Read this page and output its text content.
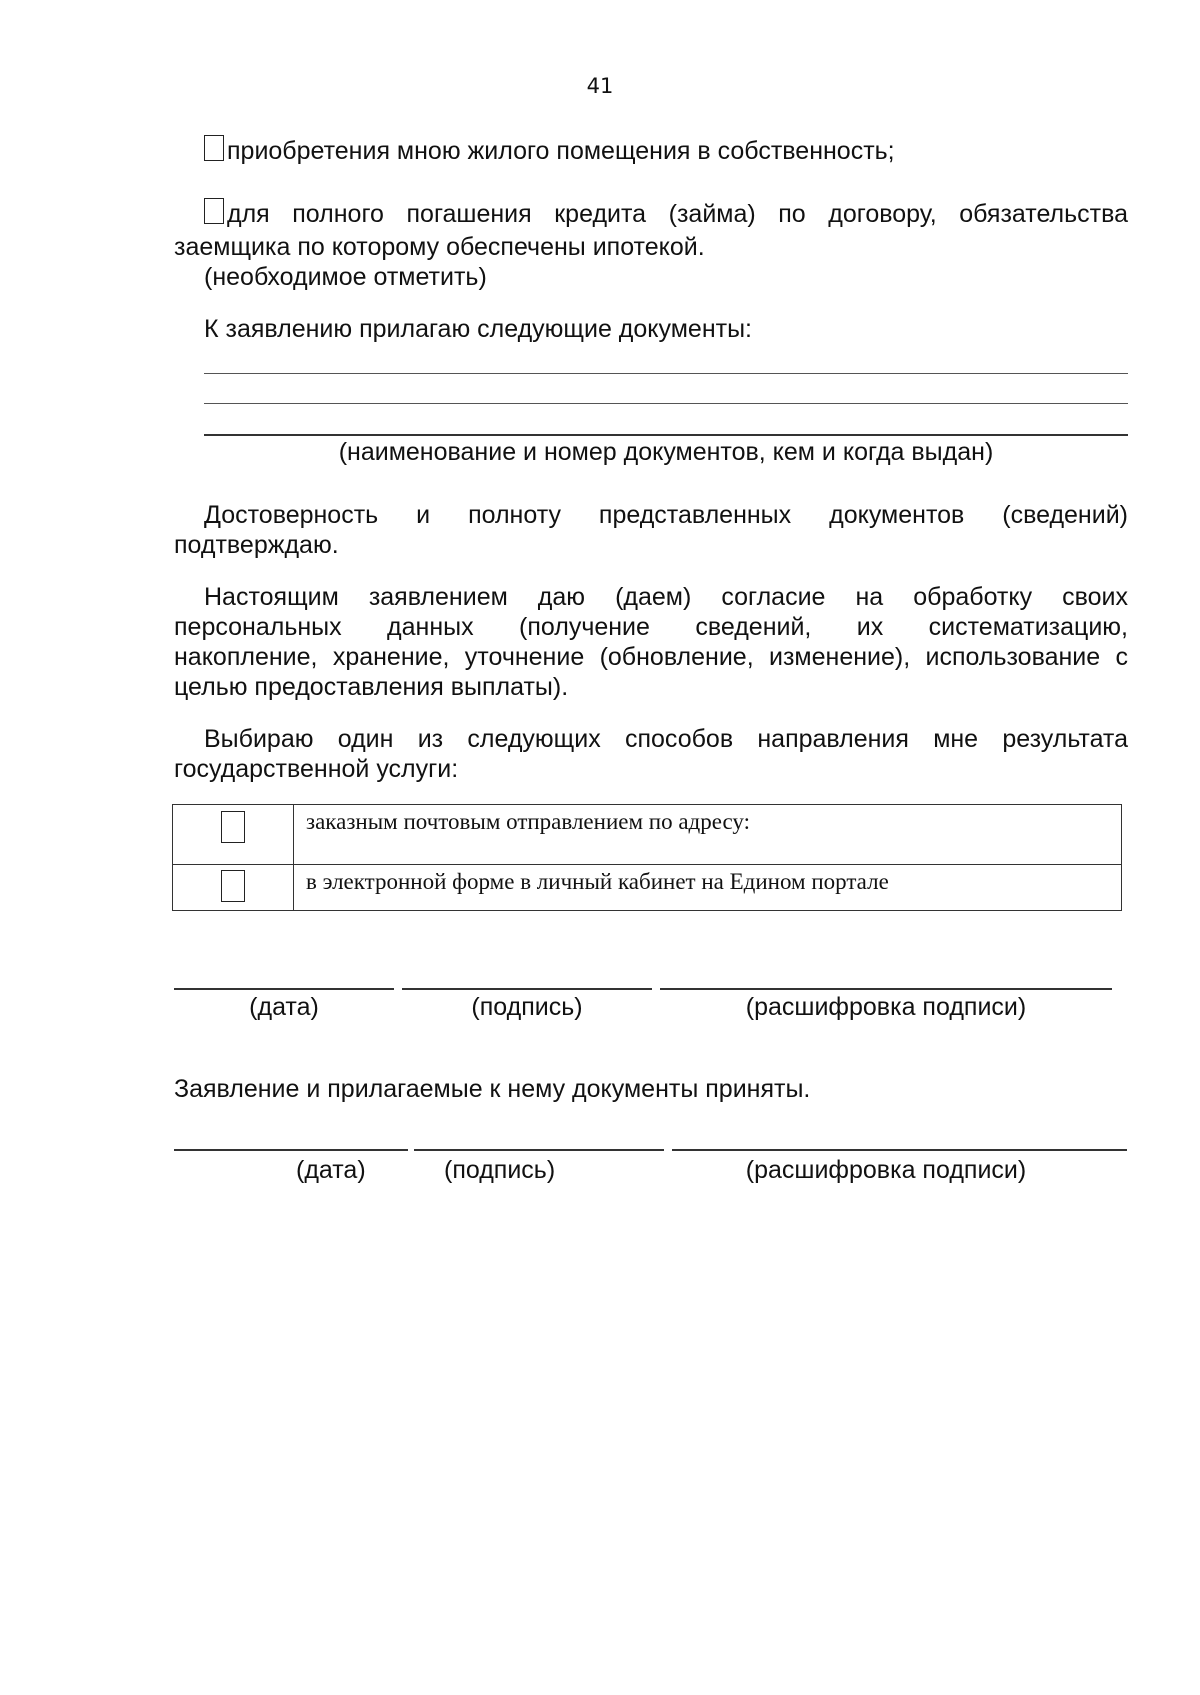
41
приобретения мною жилого помещения в собственность;
для полного погашения кредита (займа) по договору, обязательства
заемщика по которому обеспечены ипотекой.
(необходимое отметить)
К заявлению прилагаю следующие документы:
(наименование и номер документов, кем и когда выдан)
Достоверность и полноту представленных документов (сведений)
подтверждаю.
Настоящим заявлением даю (даем) согласие на обработку своих
персональных данных (получение сведений, их систематизацию,
накопление, хранение, уточнение (обновление, изменение), использование с
целью предоставления выплаты).
Выбираю один из следующих способов направления мне результата
государственной услуги:
	заказным почтовым отправлением по адресу:
	в электронной форме в личный кабинет на Едином портале
(дата)	(подпись)	(расшифровка подписи)
Заявление и прилагаемые к нему документы приняты.
(дата)	(подпись)	(расшифровка подписи)
